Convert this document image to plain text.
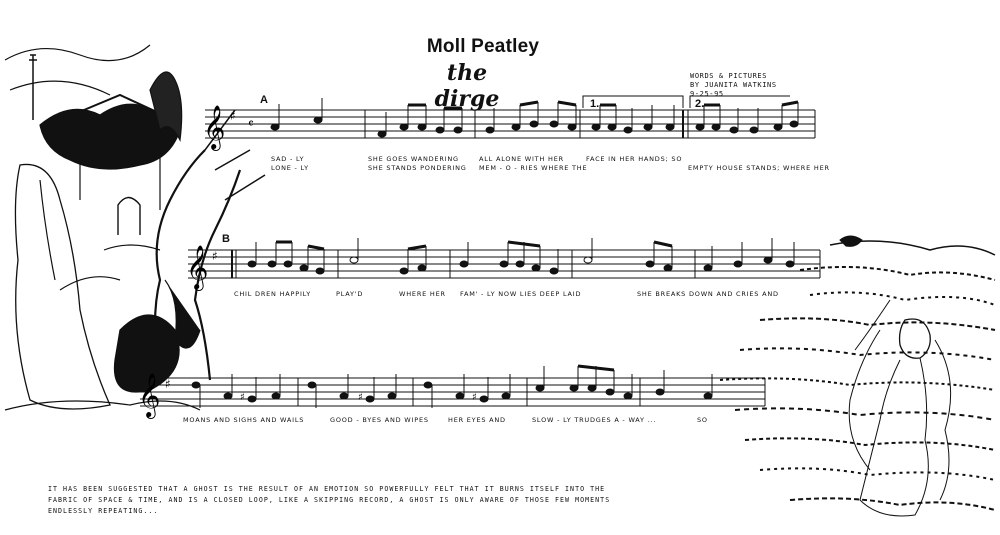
𝄞 ♯
𝄴
𝄞 ♯
𝄞 ♯
♯	♯	♯
Moll Peatley
the dirge
WORDS & PICTURES
BY JUANITA WATKINS
9-25-95
A
B
1.	2.
SAD - LY
LONE - LY
SHE GOES WANDERING
SHE STANDS PONDERING
ALL ALONE WITH HER
MEM - O - RIES WHERE THE
FACE IN HER HANDS; SO
EMPTY HOUSE STANDS; WHERE HER
CHIL DREN HAPPILY	PLAY'D	WHERE HER FAM' - LY NOW LIES DEEP LAID	SHE BREAKS DOWN AND CRIES AND
MOANS AND SIGHS AND WAILS	GOOD - BYES AND WIPES	HER EYES AND	SLOW - LY TRUDGES A - WAY ...	SO
IT HAS BEEN SUGGESTED THAT A GHOST IS THE RESULT OF AN EMOTION SO POWERFULLY FELT THAT IT BURNS ITSELF INTO THE
FABRIC OF SPACE & TIME, AND IS A CLOSED LOOP, LIKE A SKIPPING RECORD, A GHOST IS ONLY AWARE OF THOSE FEW MOMENTS
ENDLESSLY REPEATING...
